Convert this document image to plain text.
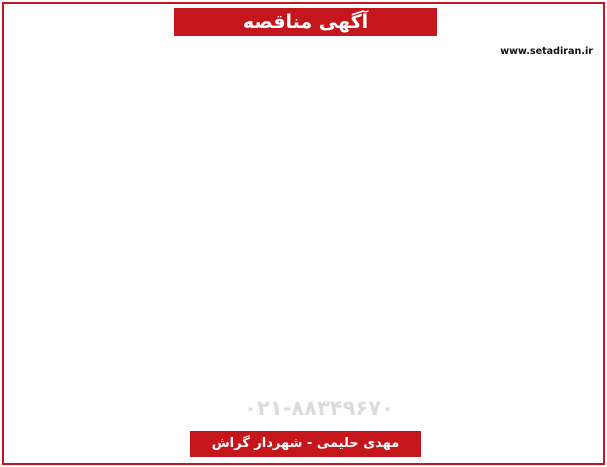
آگهی مناقصه

www.setadiran.ir

۰۲۱-۸۸۳۴۹۶۷۰
مهدی حلیمی - شهردار گراش
